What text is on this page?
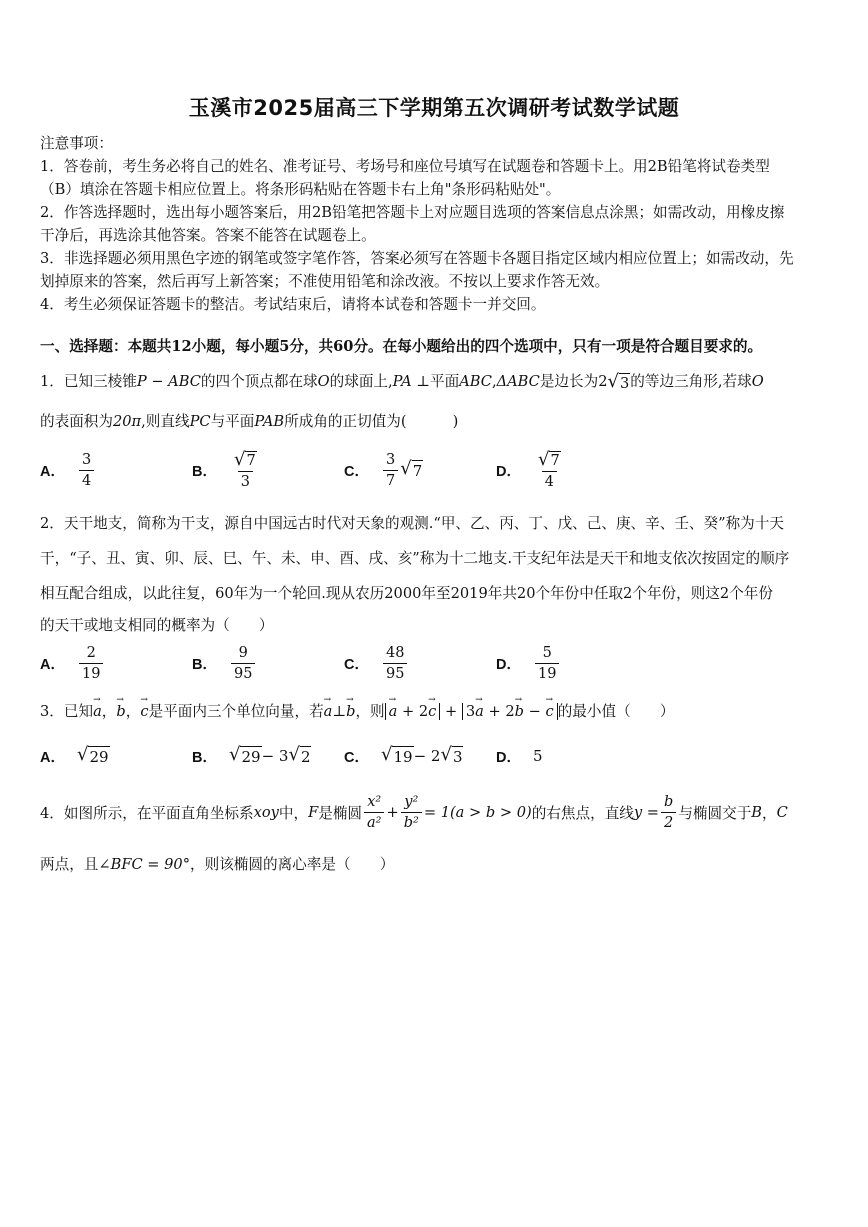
玉溪市2025届高三下学期第五次调研考试数学试题
注意事项：
1．答卷前，考生务必将自己的姓名、准考证号、考场号和座位号填写在试题卷和答题卡上。用2B铅笔将试卷类型
（B）填涂在答题卡相应位置上。将条形码粘贴在答题卡右上角"条形码粘贴处"。
2．作答选择题时，选出每小题答案后，用2B铅笔把答题卡上对应题目选项的答案信息点涂黑；如需改动，用橡皮擦
干净后，再选涂其他答案。答案不能答在试题卷上。
3．非选择题必须用黑色字迹的钢笔或签字笔作答，答案必须写在答题卡各题目指定区域内相应位置上；如需改动，先
划掉原来的答案，然后再写上新答案；不准使用铅笔和涂改液。不按以上要求作答无效。
4．考生必须保证答题卡的整洁。考试结束后，请将本试卷和答题卡一并交回。
一、选择题：本题共12小题，每小题5分，共60分。在每小题给出的四个选项中，只有一项是符合题目要求的。
1．已知三棱锥P − ABC的四个顶点都在球O的球面上,PA ⊥平面ABC,ΔABC是边长为2 √ 3 的等边三角形,若球O
的表面积为20π,则直线PC与平面PAB所成角的正切值为(	)
A． $\frac{3}{4}$	B． $\frac{√ 7}{3}$	C． $\frac{3}{7}$ √ 7	D． $\frac{√ 7}{4}$
2．天干地支，简称为干支，源自中国远古时代对天象的观测.“甲、乙、丙、丁、戊、己、庚、辛、壬、癸”称为十天
干，“子、丑、寅、卯、辰、巳、午、未、申、酉、戌、亥”称为十二地支.干支纪年法是天干和地支依次按固定的顺序
相互配合组成，以此往复，60年为一个轮回.现从农历2000年至2019年共20个年份中任取2个年份，则这2个年份
的天干或地支相同的概率为（　　）
A． $\frac{2}{19}$	B． $\frac{9}{95}$	C． $\frac{48}{95}$	D． $\frac{5}{19}$
3．已知→ a，→ b，→ c是平面内三个单位向量，若→ a⊥→ b，则→ a + 2→ c + 3→ a + 2→ b − → c 的最小值（　　）
A． √ 29	B． √ 29 − 3 √ 2 C． √ 19 − 2 √ 3 D． 5
4．如图所示，在平面直角坐标系 xoy 中， F 是椭圆 $\frac{\text{x²}}{\text{a²}} + \frac{\text{y²}}{\text{b²}} = 1(a > b > 0)$ 的右焦点，直线 $y = \frac{b}{2}$ 与椭圆交于 B ， C
两点，且∠BFC = 90°，则该椭圆的离心率是（　　）
